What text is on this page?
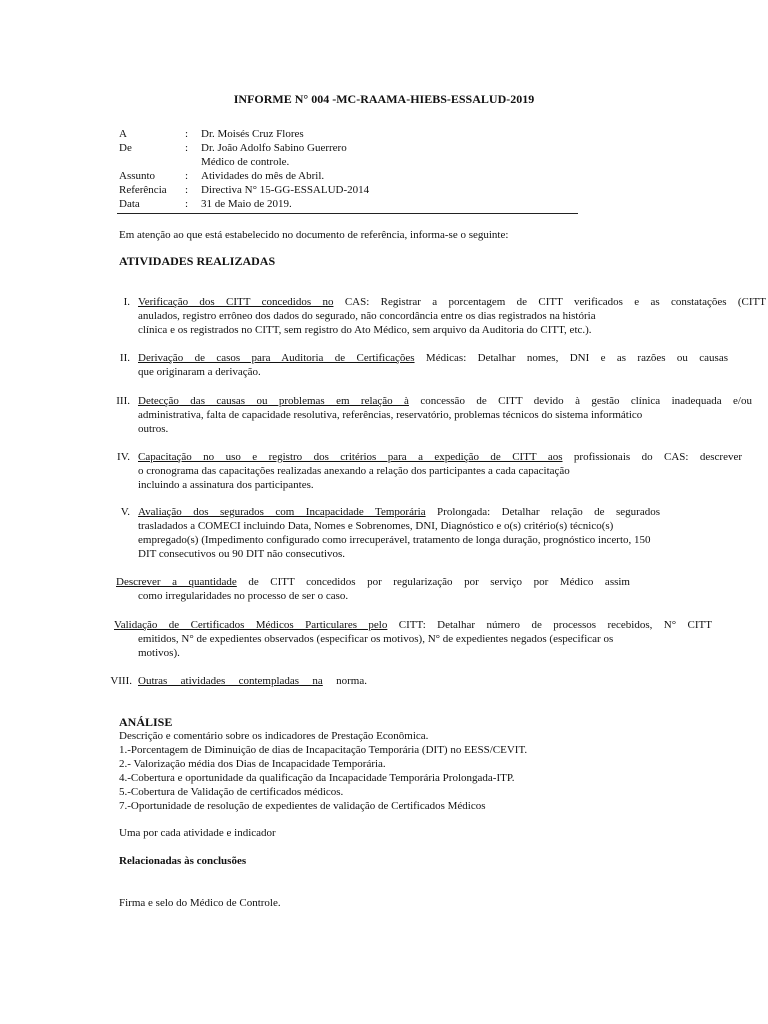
INFORME N° 004 -MC-RAAMA-HIEBS-ESSALUD-2019
A	: Dr. Moisés Cruz Flores
De	: Dr. João Adolfo Sabino Guerrero
Médico de controle.
Assunto	: Atividades do mês de Abril.
Referência : Directiva N° 15-GG-ESSALUD-2014
Data	: 31 de Maio de 2019.
Em atenção ao que está estabelecido no documento de referência, informa-se o seguinte:
ATIVIDADES REALIZADAS
I. Verificação dos CITT concedidos no CAS: Registrar a porcentagem de CITT verificados e as constatações (CITT
anulados, registro errôneo dos dados do segurado, não concordância entre os dias registrados na história
clínica e os registrados no CITT, sem registro do Ato Médico, sem arquivo da Auditoria do CITT, etc.).
II. Derivação de casos para Auditoria de Certificações Médicas: Detalhar nomes, DNI e as razões ou causas
que originaram a derivação.
III. Detecção das causas ou problemas em relação à concessão de CITT devido à gestão clínica inadequada e/ou
administrativa, falta de capacidade resolutiva, referências, reservatório, problemas técnicos do sistema informático
outros.
IV. Capacitação no uso e registro dos critérios para a expedição de CITT aos profissionais do CAS: descrever
o cronograma das capacitações realizadas anexando a relação dos participantes a cada capacitação
incluindo a assinatura dos participantes.
V. Avaliação dos segurados com Incapacidade Temporária Prolongada: Detalhar relação de segurados
trasladados a COMECI incluindo Data, Nomes e Sobrenomes, DNI, Diagnóstico e o(s) critério(s) técnico(s)
empregado(s) (Impedimento configurado como irrecuperável, tratamento de longa duração, prognóstico incerto, 150
DIT consecutivos ou 90 DIT não consecutivos.
Descrever a quantidade de CITT concedidos por regularização por serviço por Médico assim
como irregularidades no processo de ser o caso.
Validação de Certificados Médicos Particulares pelo CITT: Detalhar número de processos recebidos, N° CITT
emitidos, N° de expedientes observados (especificar os motivos), N° de expedientes negados (especificar os
motivos).
VIII. Outras atividades contempladas na norma.
ANÁLISE
Descrição e comentário sobre os indicadores de Prestação Econômica.
1.-Porcentagem de Diminuição de dias de Incapacitação Temporária (DIT) no EESS/CEVIT.
2.- Valorização média dos Dias de Incapacidade Temporária.
4.-Cobertura e oportunidade da qualificação da Incapacidade Temporária Prolongada-ITP.
5.-Cobertura de Validação de certificados médicos.
7.-Oportunidade de resolução de expedientes de validação de Certificados Médicos
Uma por cada atividade e indicador
Relacionadas às conclusões
Firma e selo do Médico de Controle.
